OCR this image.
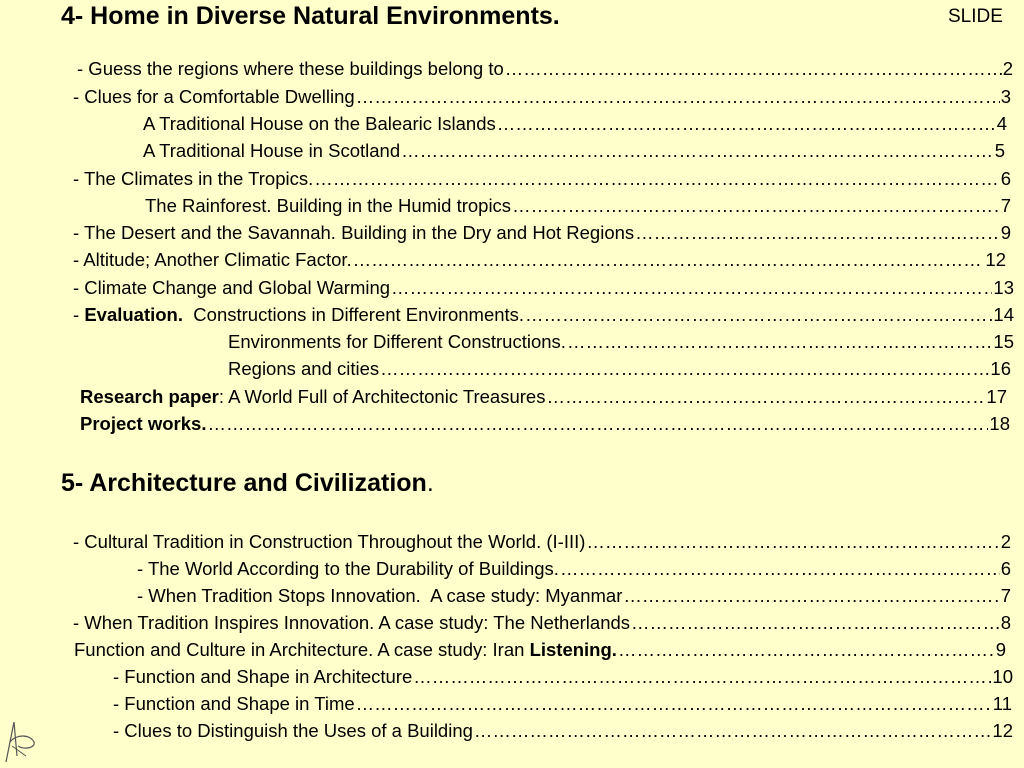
4- Home in Diverse Natural Environments.	SLIDE
- Guess the regions where these buildings belong to ……………………………………………………………………………………………………………………………………………………………………………………………………………………………………………	2
- Clues for a Comfortable Dwelling ……………………………………………………………………………………………………………………………………………………………………………………………………………………………………………	3
A Traditional House on the Balearic Islands ……………………………………………………………………………………………………………………………………………………………………………………………………………………………………………	4
A Traditional House in Scotland ……………………………………………………………………………………………………………………………………………………………………………………………………………………………………………	5
- The Climates in the Tropics. ……………………………………………………………………………………………………………………………………………………………………………………………………………………………………………	6
The Rainforest. Building in the Humid tropics ……………………………………………………………………………………………………………………………………………………………………………………………………………………………………………	7
- The Desert and the Savannah. Building in the Dry and Hot Regions ……………………………………………………………………………………………………………………………………………………………………………………………………………………………………………	9
- Altitude; Another Climatic Factor. ……………………………………………………………………………………………………………………………………………………………………………………………………………………………………………	12
- Climate Change and Global Warming ……………………………………………………………………………………………………………………………………………………………………………………………………………………………………………	13
- Evaluation.  Constructions in Different Environments. ……………………………………………………………………………………………………………………………………………………………………………………………………………………………………………	14
Environments for Different Constructions. ……………………………………………………………………………………………………………………………………………………………………………………………………………………………………………	15
Regions and cities ……………………………………………………………………………………………………………………………………………………………………………………………………………………………………………	16
Research paper: A World Full of Architectonic Treasures ……………………………………………………………………………………………………………………………………………………………………………………………………………………………………………	17
Project works. ……………………………………………………………………………………………………………………………………………………………………………………………………………………………………………	18
5- Architecture and Civilization.
- Cultural Tradition in Construction Throughout the World. (I-III) ……………………………………………………………………………………………………………………………………………………………………………………………………………………………………………	2
- The World According to the Durability of Buildings. ……………………………………………………………………………………………………………………………………………………………………………………………………………………………………………	6
- When Tradition Stops Innovation.  A case study: Myanmar ……………………………………………………………………………………………………………………………………………………………………………………………………………………………………………	7
- When Tradition Inspires Innovation. A case study: The Netherlands ……………………………………………………………………………………………………………………………………………………………………………………………………………………………………………	8
Function and Culture in Architecture. A case study: Iran Listening. ……………………………………………………………………………………………………………………………………………………………………………………………………………………………………………	9
- Function and Shape in Architecture ……………………………………………………………………………………………………………………………………………………………………………………………………………………………………………	10
- Function and Shape in Time ……………………………………………………………………………………………………………………………………………………………………………………………………………………………………………	11
- Clues to Distinguish the Uses of a Building ……………………………………………………………………………………………………………………………………………………………………………………………………………………………………………	12
